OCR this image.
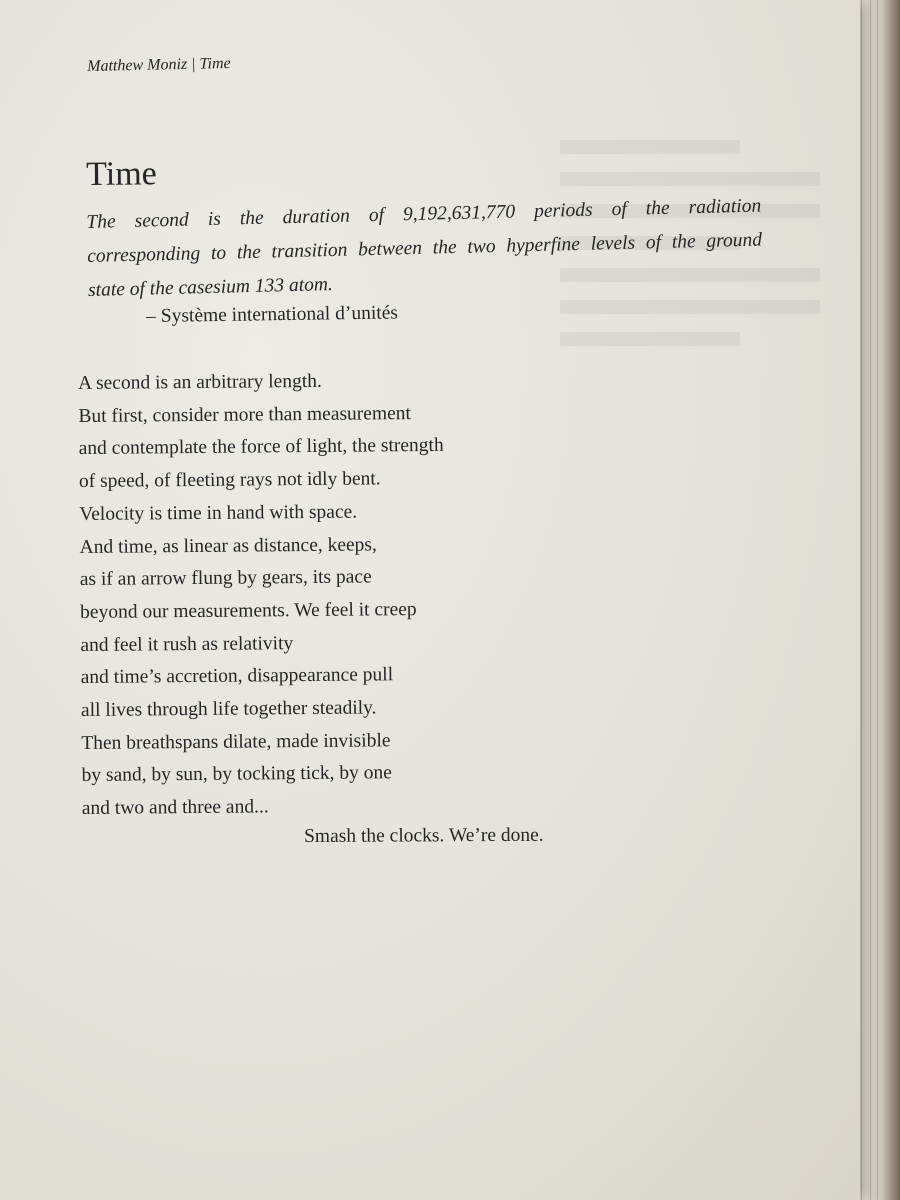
Matthew Moniz | Time
Time
The second is the duration of 9,192,631,770 periods of the radiation
corresponding to the transition between the two hyperfine levels of the ground
state of the casesium 133 atom.
– Système international d’unités
A second is an arbitrary length.
But first, consider more than measurement
and contemplate the force of light, the strength
of speed, of fleeting rays not idly bent.
Velocity is time in hand with space.
And time, as linear as distance, keeps,
as if an arrow flung by gears, its pace
beyond our measurements. We feel it creep
and feel it rush as relativity
and time’s accretion, disappearance pull
all lives through life together steadily.
Then breathspans dilate, made invisible
by sand, by sun, by tocking tick, by one
and two and three and...
Smash the clocks. We’re done.
